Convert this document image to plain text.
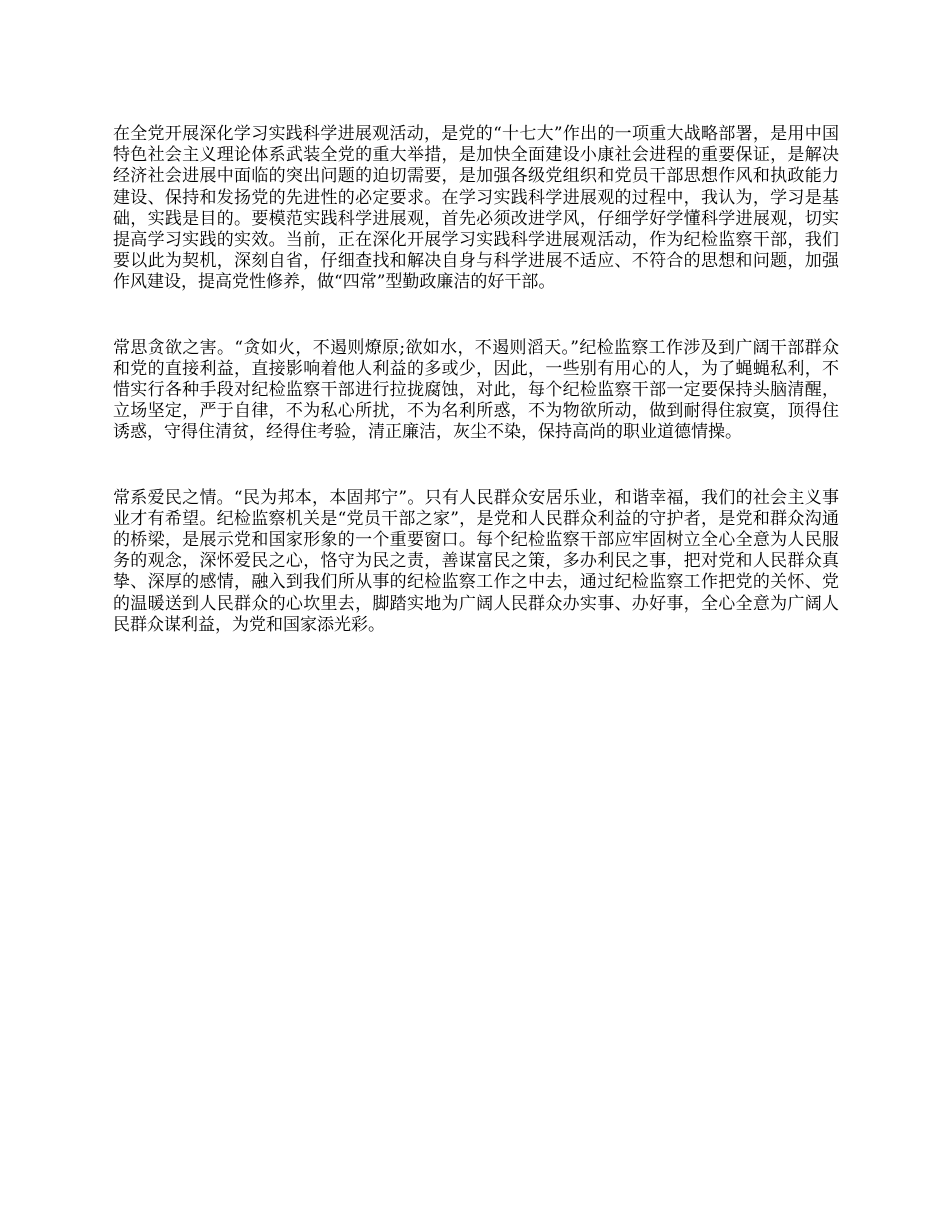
在全党开展深化学习实践科学进展观活动，是党的“十七大”作出的一项重大战略部署，是用中国特色社会主义理论体系武装全党的重大举措，是加快全面建设小康社会进程的重要保证，是解决经济社会进展中面临的突出问题的迫切需要，是加强各级党组织和党员干部思想作风和执政能力建设、保持和发扬党的先进性的必定要求。在学习实践科学进展观的过程中，我认为，学习是基础，实践是目的。要模范实践科学进展观，首先必须改进学风，仔细学好学懂科学进展观，切实提高学习实践的实效。当前，正在深化开展学习实践科学进展观活动，作为纪检监察干部，我们要以此为契机，深刻自省，仔细查找和解决自身与科学进展不适应、不符合的思想和问题，加强作风建设，提高党性修养，做“四常”型勤政廉洁的好干部。

常思贪欲之害。“贪如火，不遏则燎原;欲如水，不遏则滔天。”纪检监察工作涉及到广阔干部群众和党的直接利益，直接影响着他人利益的多或少，因此，一些别有用心的人，为了蝇蝇私利，不惜实行各种手段对纪检监察干部进行拉拢腐蚀，对此，每个纪检监察干部一定要保持头脑清醒，立场坚定，严于自律，不为私心所扰，不为名利所惑，不为物欲所动，做到耐得住寂寞，顶得住诱惑，守得住清贫，经得住考验，清正廉洁，灰尘不染，保持高尚的职业道德情操。

常系爱民之情。“民为邦本，本固邦宁”。只有人民群众安居乐业，和谐幸福，我们的社会主义事业才有希望。纪检监察机关是“党员干部之家”，是党和人民群众利益的守护者，是党和群众沟通的桥梁，是展示党和国家形象的一个重要窗口。每个纪检监察干部应牢固树立全心全意为人民服务的观念，深怀爱民之心，恪守为民之责，善谋富民之策，多办利民之事，把对党和人民群众真挚、深厚的感情，融入到我们所从事的纪检监察工作之中去，通过纪检监察工作把党的关怀、党的温暖送到人民群众的心坎里去，脚踏实地为广阔人民群众办实事、办好事，全心全意为广阔人民群众谋利益，为党和国家添光彩。
